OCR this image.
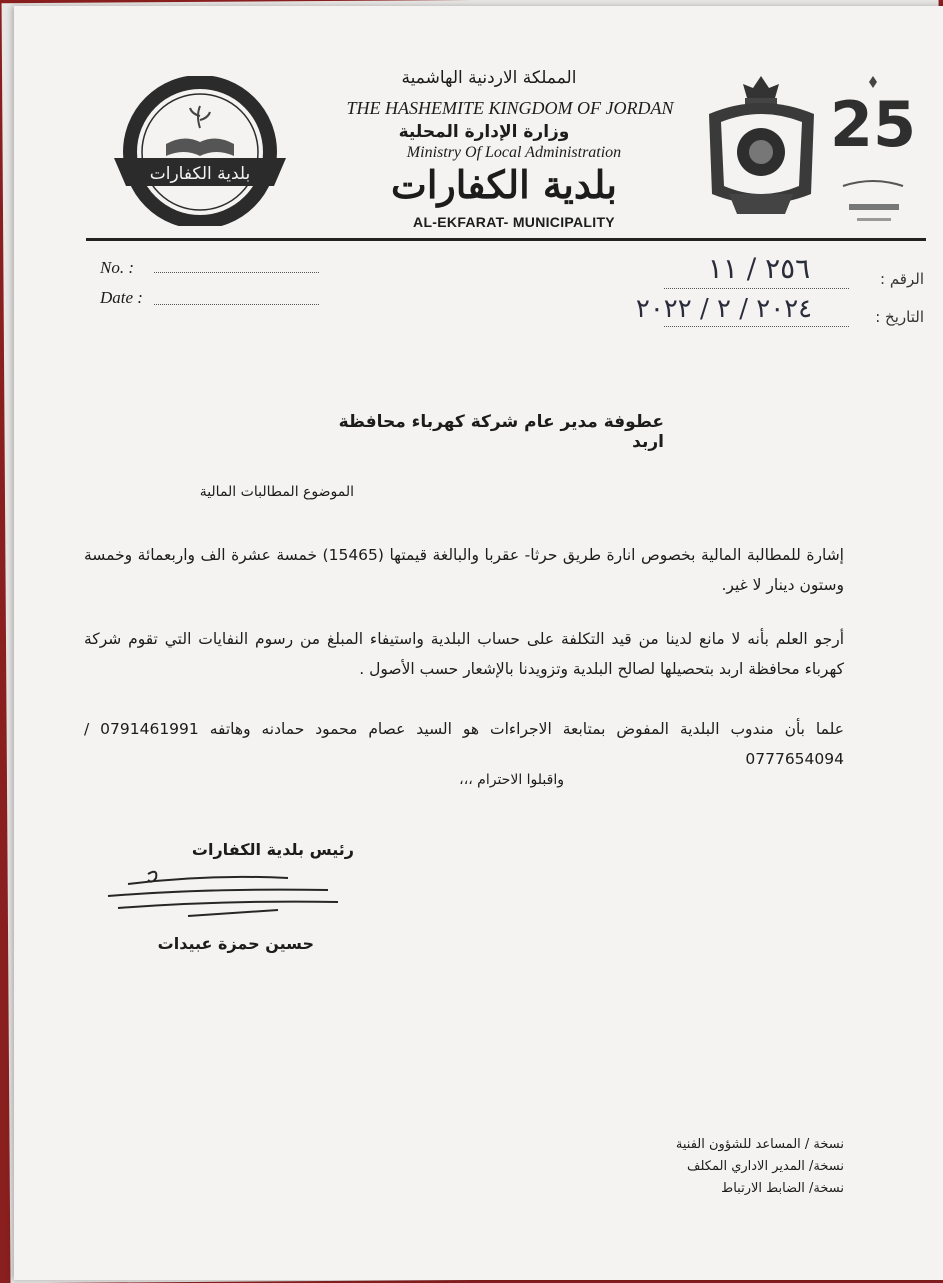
بلدية الكفارات
25
المملكة الاردنية الهاشمية
THE HASHEMITE KINGDOM OF JORDAN
وزارة الإدارة المحلية
Ministry Of Local Administration
بلدية الكفارات
AL-EKFARAT- MUNICIPALITY
No. :
Date :
الرقم :
التاريخ :
٢٥٦ / ١١
٢٠٢٤ / ٢ / ٢٠٢٢
عطوفة مدير عام شركة كهرباء محافظة اربد
الموضوع المطالبات المالية
إشارة للمطالبة المالية بخصوص انارة طريق حرثا- عقربا والبالغة قيمتها (15465) خمسة عشرة الف واربعمائة وخمسة وستون دينار لا غير.
أرجو العلم بأنه لا مانع لدينا من قيد التكلفة على حساب البلدية واستيفاء المبلغ من رسوم النفايات التي تقوم شركة كهرباء محافظة اربد بتحصيلها لصالح البلدية وتزويدنا بالإشعار حسب الأصول .
علما بأن مندوب البلدية المفوض بمتابعة الاجراءات هو السيد عصام محمود حمادنه وهاتفه 0791461991 / 0777654094
واقبلوا الاحترام ،،،
رئيس بلدية الكفارات
حسين حمزة عبيدات
نسخة / المساعد للشؤون الفنية
نسخة/ المدير الاداري المكلف
نسخة/ الضابط الارتباط
